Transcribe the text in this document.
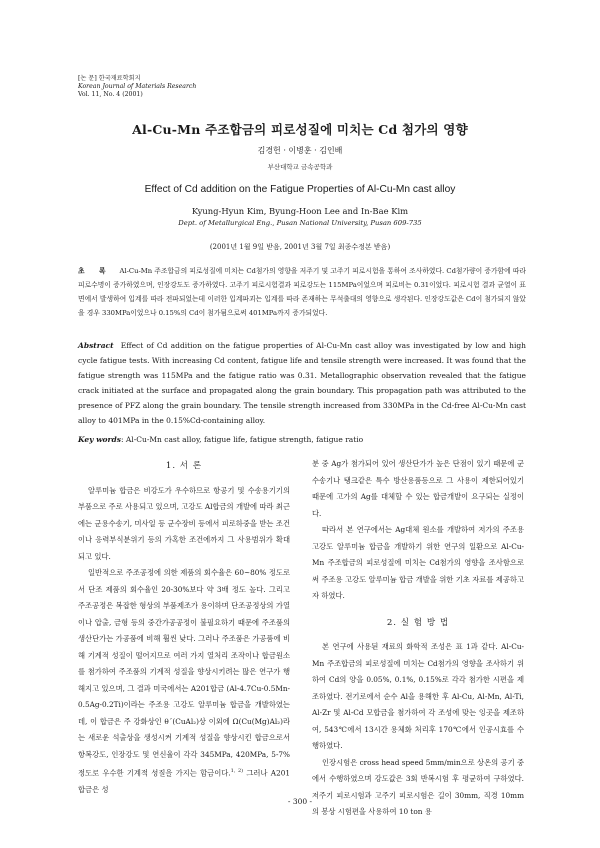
[논 문] 한국재료학회지
Korean Journal of Materials Research
Vol. 11, No. 4 (2001)
Al-Cu-Mn 주조합금의 피로성질에 미치는 Cd 첨가의 영향
김경헌 · 이병훈 · 김인배
부산대학교 금속공학과
Effect of Cd addition on the Fatigue Properties of Al-Cu-Mn cast alloy
Kyung-Hyun Kim, Byung-Hoon Lee and In-Bae Kim
Dept. of Metallurgical Eng., Pusan National University, Pusan 609-735
(2001년 1월 9일 받음, 2001년 3월 7일 최종수정본 받음)
초 록 Al-Cu-Mn 주조합금의 피로성질에 미치는 Cd첨가의 영향을 저주기 및 고주기 피로시험을 통하여 조사하였다. Cd첨가량이 증가함에 따라 피로수명이 증가하였으며, 인장강도도 증가하였다. 고주기 피로시험결과 피로강도는 115MPa이었으며 피로비는 0.31이었다. 피로시험 결과 균열이 표면에서 발생하여 입계를 따라 전파되었는데 이러한 입계파괴는 입계를 따라 존재하는 무석출대의 영향으로 생각된다. 인장강도값은 Cd이 첨가되지 않았을 경우 330MPa이었으나 0.15%의 Cd이 첨가됨으로써 401MPa까지 증가되었다.
Abstract Effect of Cd addition on the fatigue properties of Al-Cu-Mn cast alloy was investigated by low and high cycle fatigue tests. With increasing Cd content, fatigue life and tensile strength were increased. It was found that the fatigue strength was 115MPa and the fatigue ratio was 0.31. Metallographic observation revealed that the fatigue crack initiated at the surface and propagated along the grain boundary. This propagation path was attributed to the presence of PFZ along the grain boundary. The tensile strength increased from 330MPa in the Cd-free Al-Cu-Mn cast alloy to 401MPa in the 0.15%Cd-containing alloy.
Key words: Al-Cu-Mn cast alloy, fatigue life, fatigue strength, fatigue ratio
1. 서 론

알루미늄 합금은 비강도가 우수하므로 항공기 및 수송용기기의 부품으로 주로 사용되고 있으며, 고강도 Al합금의 개발에 따라 최근에는 군용수송기, 미사일 등 군수장비 등에서 피로하중을 받는 조건이나 응력부식분위기 등의 가혹한 조건에까지 그 사용범위가 확대되고 있다.

일반적으로 주조공정에 의한 제품의 회수율은 60~80% 정도로서 단조 제품의 회수율인 20-30%보다 약 3배 정도 높다. 그리고 주조공정은 복잡한 형상의 부품제조가 용이하며 단조공정상의 가열이나 압출, 금형 등의 중간가공공정이 불필요하기 때문에 주조품의 생산단가는 가공품에 비해 훨씬 낮다. 그러나 주조품은 가공품에 비해 기계적 성질이 떨어지므로 여러 가지 열처리 조작이나 합금원소를 첨가하여 주조품의 기계적 성질을 향상시키려는 많은 연구가 행해지고 있으며, 그 결과 미국에서는 A201합금 (Al-4.7Cu-0.5Mn-0.5Ag-0.2Ti)이라는 주조용 고강도 알루미늄 합금을 개발하였는데, 이 합금은 주 강화상인 θ´(CuAl₂)상 이외에 Ω(Cu(Mg)Al₂)라는 새로운 석출상을 생성시켜 기계적 성질을 향상시킨 합금으로서 항복강도, 인장강도 및 연신율이 각각 345MPa, 420MPa, 5-7% 정도로 우수한 기계적 성질을 가지는 합금이다.$^{1, 2)}$ 그러나 A201 합금은 성

분 중 Ag가 첨가되어 있어 생산단가가 높은 단점이 있기 때문에 군 수송기나 탱크같은 특수 방산용품등으로 그 사용이 제한되어있기 때문에 고가의 Ag를 대체할 수 있는 합금개발이 요구되는 실정이다.

따라서 본 연구에서는 Ag대체 원소를 개발하여 저가의 주조용 고강도 알루미늄 합금을 개발하기 위한 연구의 일환으로 Al-Cu-Mn 주조합금의 피로성질에 미치는 Cd첨가의 영향을 조사함으로써 주조용 고강도 알루미늄 합금 개발을 위한 기초 자료를 제공하고자 하였다.

2. 실 험 방 법

본 연구에 사용된 재료의 화학적 조성은 표 1과 같다. Al-Cu-Mn 주조합금의 피로성질에 미치는 Cd첨가의 영향을 조사하기 위하여 Cd의 양을 0.05%, 0.1%, 0.15%로 각각 첨가한 시편을 제조하였다. 전기로에서 순수 Al을 용해한 후 Al-Cu, Al-Mn, Al-Ti, Al-Zr 및 Al-Cd 모합금을 첨가하여 각 조성에 맞는 잉곳을 제조하여, 543℃에서 13시간 용체화 처리후 170℃에서 인공시효를 수행하였다.

인장시험은 cross head speed 5mm/min으로 상온의 공기 중에서 수행하였으며 강도값은 3회 반복시험 후 평균하여 구하였다. 저주기 피로시험과 고주기 피로시험은 길이 30mm, 직경 10mm의 봉상 시험편을 사용하여 10 ton 용

- 300 -
